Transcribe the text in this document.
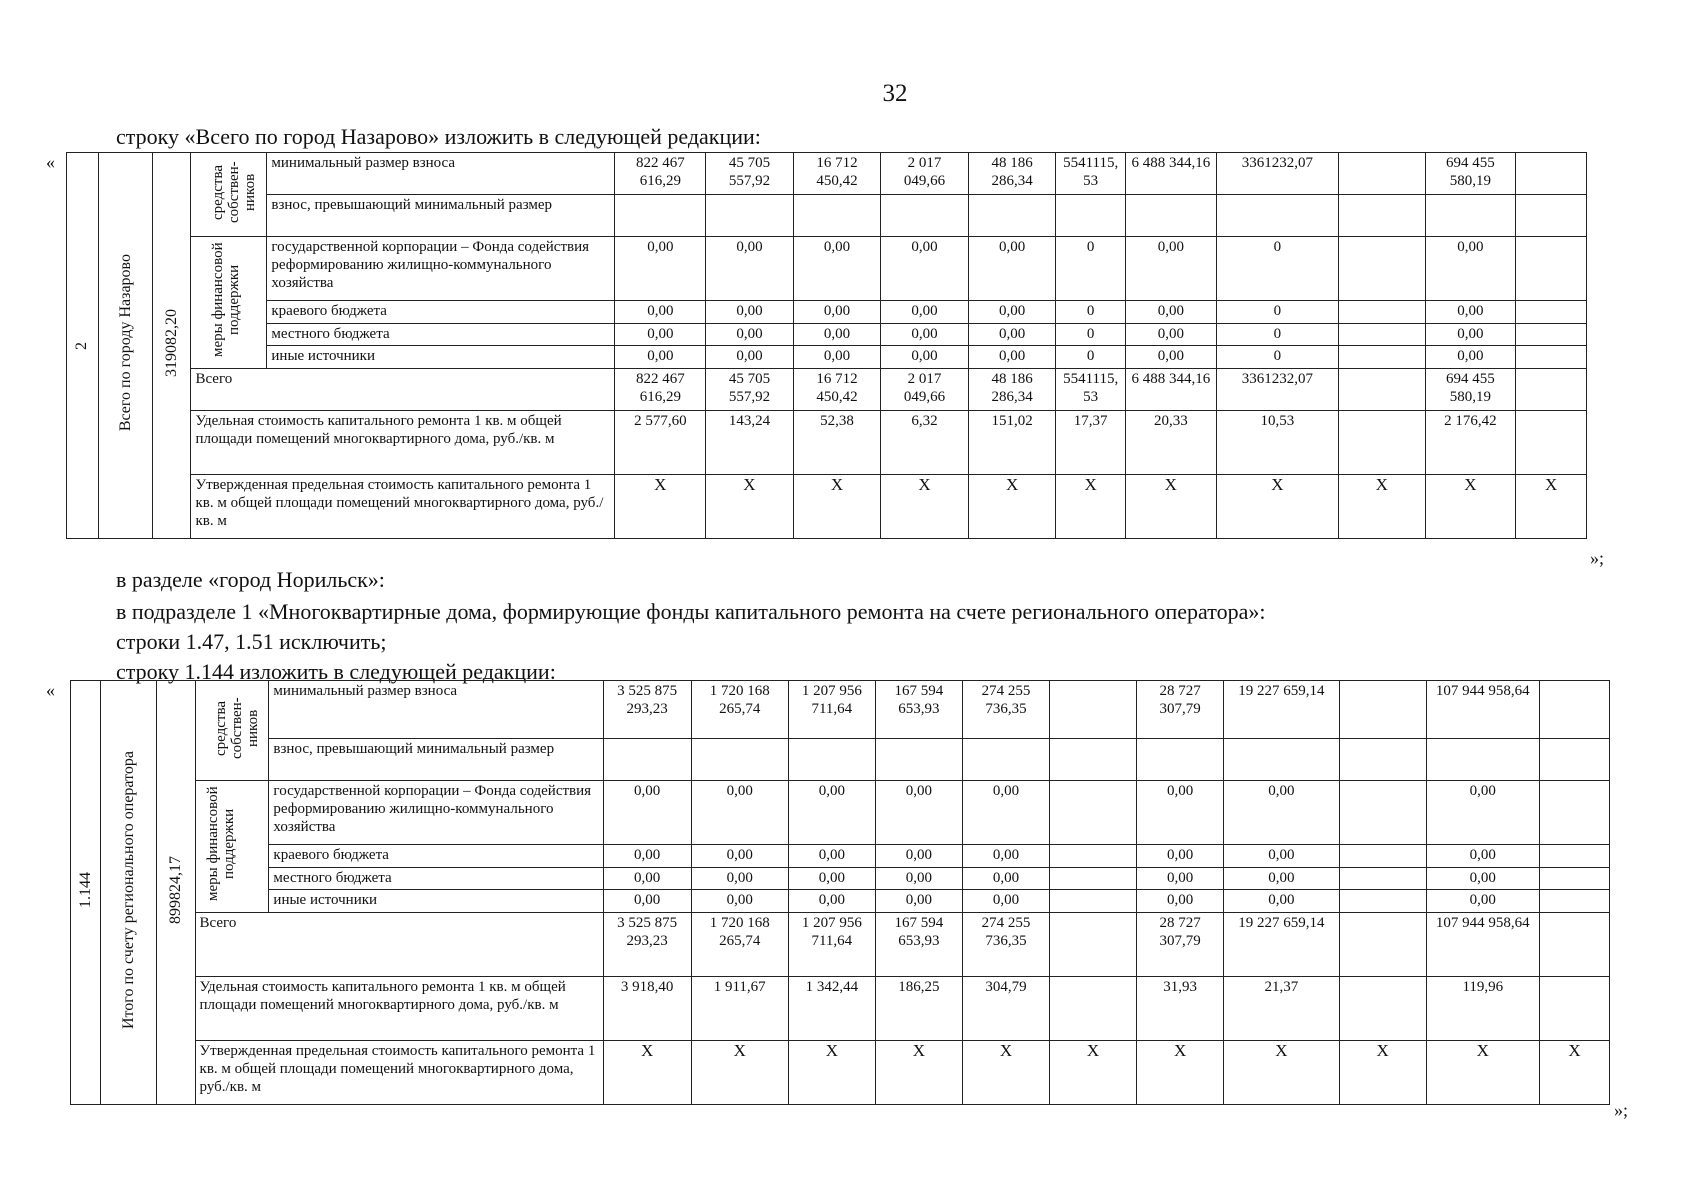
32
строку «Всего по город Назарово» изложить в следующей редакции:
«
2	Всего по городу Назарово	319082,20	средства собствен-ников	минимальный размер взноса	822 467 616,29	45 705 557,92	16 712 450,42	2 017 049,66	48 186 286,34	5541115, 53	6 488 344,16	3361232,07		694 455 580,19	
				взнос, превышающий минимальный размер											
			меры финансовой поддержки	государственной корпорации – Фонда содействия реформированию жилищно-коммунального хозяйства	0,00	0,00	0,00	0,00	0,00	0	0,00	0		0,00	
				краевого бюджета	0,00	0,00	0,00	0,00	0,00	0	0,00	0		0,00	
				местного бюджета	0,00	0,00	0,00	0,00	0,00	0	0,00	0		0,00	
				иные источники	0,00	0,00	0,00	0,00	0,00	0	0,00	0		0,00	
			Всего		822 467 616,29	45 705 557,92	16 712 450,42	2 017 049,66	48 186 286,34	5541115, 53	6 488 344,16	3361232,07		694 455 580,19	
			Удельная стоимость капитального ремонта 1 кв. м общей площади помещений многоквартирного дома, руб./кв. м		2 577,60	143,24	52,38	6,32	151,02	17,37	20,33	10,53		2 176,42	
			Утвержденная предельная стоимость капитального ремонта 1 кв. м общей площади помещений многоквартирного дома, руб./кв. м		X	X	X	X	X	X	X	X	X	X	X
»;
в разделе «город Норильск»:
в подразделе 1 «Многоквартирные дома, формирующие фонды капитального ремонта на счете регионального оператора»:
строки 1.47, 1.51 исключить;
строку 1.144 изложить в следующей редакции:
«
1.144	Итого по счету регионального оператора	899824,17	средства собствен-ников	минимальный размер взноса	3 525 875 293,23	1 720 168 265,74	1 207 956 711,64	167 594 653,93	274 255 736,35		28 727 307,79	19 227 659,14		107 944 958,64	
				взнос, превышающий минимальный размер											
			меры финансовой поддержки	государственной корпорации – Фонда содействия реформированию жилищно-коммунального хозяйства	0,00	0,00	0,00	0,00	0,00		0,00	0,00		0,00	
				краевого бюджета	0,00	0,00	0,00	0,00	0,00		0,00	0,00		0,00	
				местного бюджета	0,00	0,00	0,00	0,00	0,00		0,00	0,00		0,00	
				иные источники	0,00	0,00	0,00	0,00	0,00		0,00	0,00		0,00	
			Всего		3 525 875 293,23	1 720 168 265,74	1 207 956 711,64	167 594 653,93	274 255 736,35		28 727 307,79	19 227 659,14		107 944 958,64	
			Удельная стоимость капитального ремонта 1 кв. м общей площади помещений многоквартирного дома, руб./кв. м		3 918,40	1 911,67	1 342,44	186,25	304,79		31,93	21,37		119,96	
			Утвержденная предельная стоимость капитального ремонта 1 кв. м общей площади помещений многоквартирного дома, руб./кв. м		X	X	X	X	X	X	X	X	X	X	X
»;
